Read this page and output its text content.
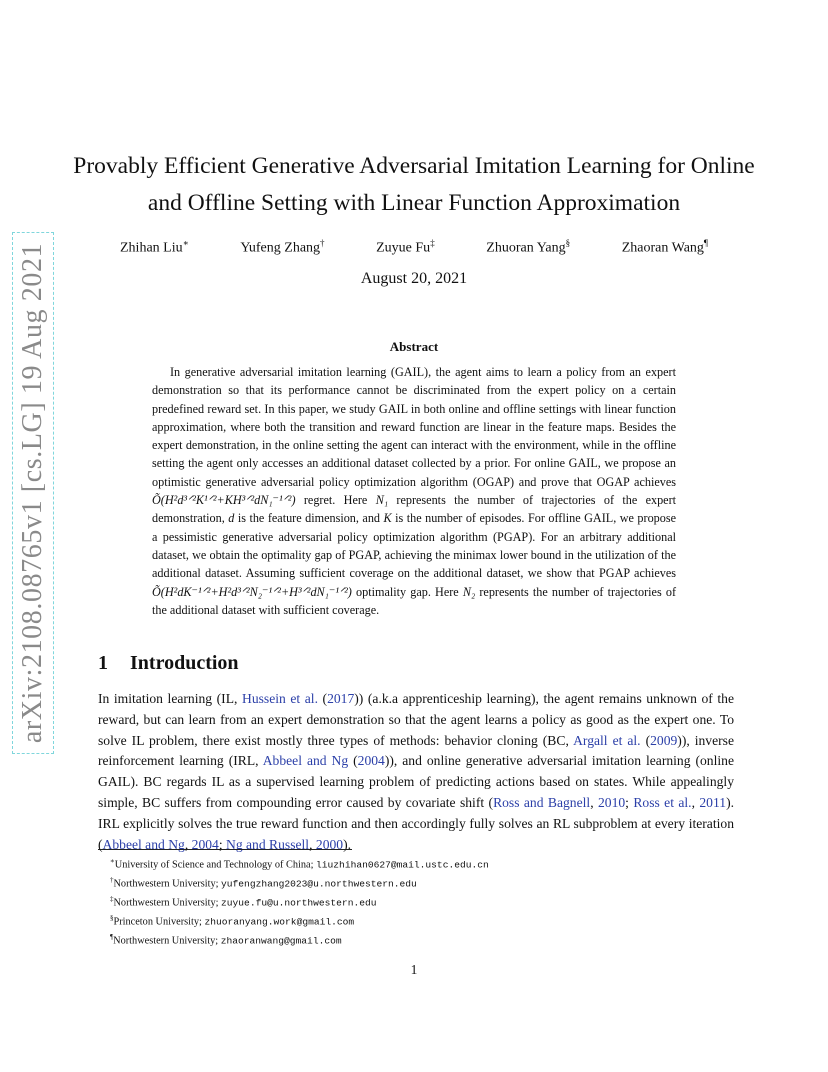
arXiv:2108.08765v1 [cs.LG] 19 Aug 2021
Provably Efficient Generative Adversarial Imitation Learning for Online and Offline Setting with Linear Function Approximation
Zhihan Liu∗	Yufeng Zhang†	Zuyue Fu‡	Zhuoran Yang§	Zhaoran Wang¶

August 20, 2021

Abstract

In generative adversarial imitation learning (GAIL), the agent aims to learn a policy from an expert demonstration so that its performance cannot be discriminated from the expert policy on a certain predefined reward set. In this paper, we study GAIL in both online and offline settings with linear function approximation, where both the transition and reward function are linear in the feature maps. Besides the expert demonstration, in the online setting the agent can interact with the environment, while in the offline setting the agent only accesses an additional dataset collected by a prior. For online GAIL, we propose an optimistic generative adversarial policy optimization algorithm (OGAP) and prove that OGAP achieves Õ(H²d³ᐟ²K¹ᐟ²+KH³ᐟ²dN₁⁻¹ᐟ²) regret. Here N₁ represents the number of trajectories of the expert demonstration, d is the feature dimension, and K is the number of episodes. For offline GAIL, we propose a pessimistic generative adversarial policy optimization algorithm (PGAP). For an arbitrary additional dataset, we obtain the optimality gap of PGAP, achieving the minimax lower bound in the utilization of the additional dataset. Assuming sufficient coverage on the additional dataset, we show that PGAP achieves Õ(H²dK⁻¹ᐟ²+H²d³ᐟ²N₂⁻¹ᐟ²+H³ᐟ²dN₁⁻¹ᐟ²) optimality gap. Here N₂ represents the number of trajectories of the additional dataset with sufficient coverage.

1 Introduction

In imitation learning (IL, Hussein et al. (2017)) (a.k.a apprenticeship learning), the agent remains unknown of the reward, but can learn from an expert demonstration so that the agent learns a policy as good as the expert one. To solve IL problem, there exist mostly three types of methods: behavior cloning (BC, Argall et al. (2009)), inverse reinforcement learning (IRL, Abbeel and Ng (2004)), and online generative adversarial imitation learning (online GAIL). BC regards IL as a supervised learning problem of predicting actions based on states. While appealingly simple, BC suffers from compounding error caused by covariate shift (Ross and Bagnell, 2010; Ross et al., 2011). IRL explicitly solves the true reward function and then accordingly fully solves an RL subproblem at every iteration (Abbeel and Ng, 2004; Ng and Russell, 2000).

∗University of Science and Technology of China; liuzhihan0627@mail.ustc.edu.cn
†Northwestern University; yufengzhang2023@u.northwestern.edu
‡Northwestern University; zuyue.fu@u.northwestern.edu
§Princeton University; zhuoranyang.work@gmail.com
¶Northwestern University; zhaoranwang@gmail.com

1
